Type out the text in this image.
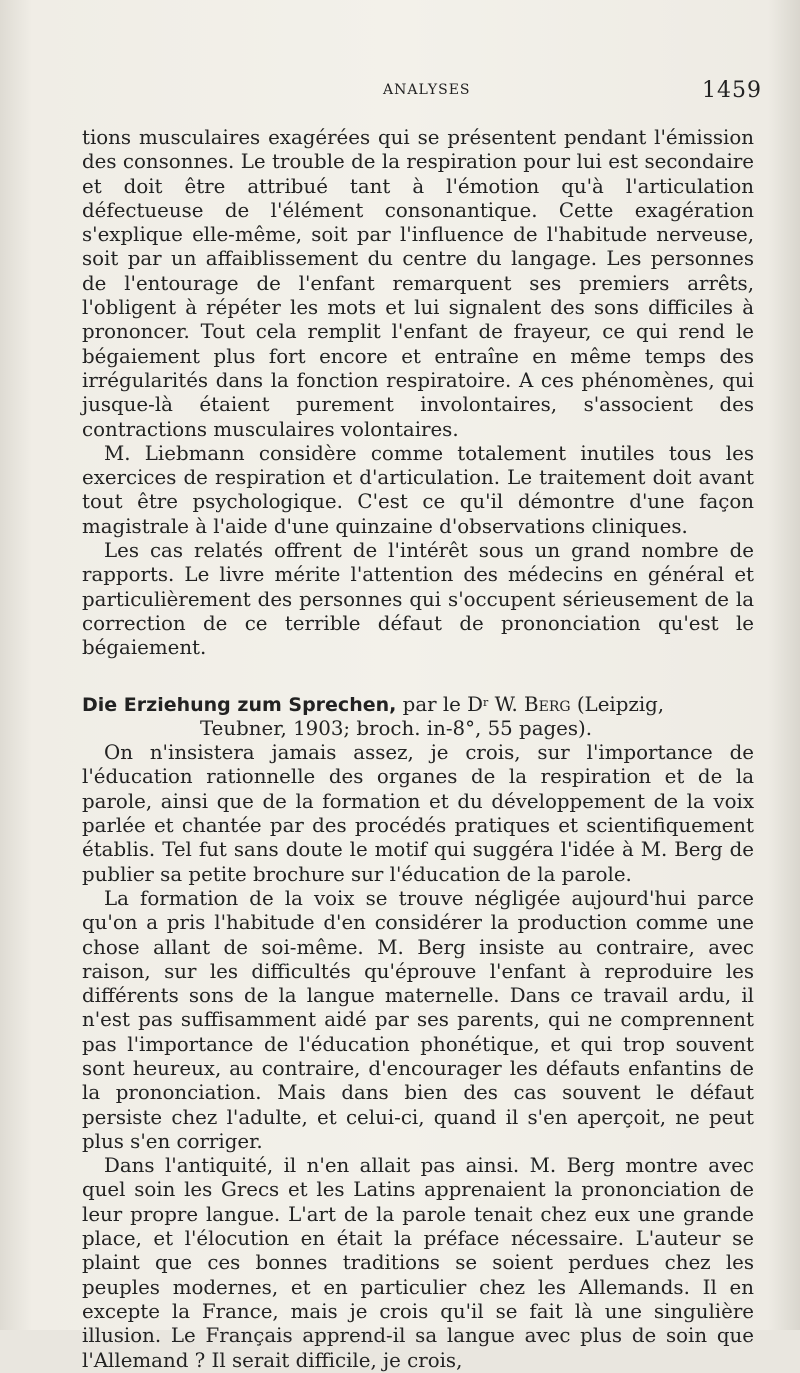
ANALYSES	1459

tions musculaires exagérées qui se présentent pendant l'émission des consonnes. Le trouble de la respiration pour lui est secondaire et doit être attribué tant à l'émotion qu'à l'articulation défectueuse de l'élément consonantique. Cette exagération s'explique elle-même, soit par l'influence de l'habitude nerveuse, soit par un affaiblissement du centre du langage. Les personnes de l'entourage de l'enfant remarquent ses premiers arrêts, l'obligent à répéter les mots et lui signalent des sons difficiles à prononcer. Tout cela remplit l'enfant de frayeur, ce qui rend le bégaiement plus fort encore et entraîne en même temps des irrégularités dans la fonction respiratoire. A ces phénomènes, qui jusque-là étaient purement involontaires, s'associent des contractions musculaires volontaires.

M. Liebmann considère comme totalement inutiles tous les exercices de respiration et d'articulation. Le traitement doit avant tout être psychologique. C'est ce qu'il démontre d'une façon magistrale à l'aide d'une quinzaine d'observations cliniques.

Les cas relatés offrent de l'intérêt sous un grand nombre de rapports. Le livre mérite l'attention des médecins en général et particulièrement des personnes qui s'occupent sérieusement de la correction de ce terrible défaut de prononciation qu'est le bégaiement.

Die Erziehung zum Sprechen, par le $D^r$ W. Berg (Leipzig,
Teubner, 1903; broch. in-8°, 55 pages).

On n'insistera jamais assez, je crois, sur l'importance de l'éducation rationnelle des organes de la respiration et de la parole, ainsi que de la formation et du développement de la voix parlée et chantée par des procédés pratiques et scientifiquement établis. Tel fut sans doute le motif qui suggéra l'idée à M. Berg de publier sa petite brochure sur l'éducation de la parole.

La formation de la voix se trouve négligée aujourd'hui parce qu'on a pris l'habitude d'en considérer la production comme une chose allant de soi-même. M. Berg insiste au contraire, avec raison, sur les difficultés qu'éprouve l'enfant à reproduire les différents sons de la langue maternelle. Dans ce travail ardu, il n'est pas suffisamment aidé par ses parents, qui ne comprennent pas l'importance de l'éducation phonétique, et qui trop souvent sont heureux, au contraire, d'encourager les défauts enfantins de la prononciation. Mais dans bien des cas souvent le défaut persiste chez l'adulte, et celui-ci, quand il s'en aperçoit, ne peut plus s'en corriger.

Dans l'antiquité, il n'en allait pas ainsi. M. Berg montre avec quel soin les Grecs et les Latins apprenaient la prononciation de leur propre langue. L'art de la parole tenait chez eux une grande place, et l'élocution en était la préface nécessaire. L'auteur se plaint que ces bonnes traditions se soient perdues chez les peuples modernes, et en particulier chez les Allemands. Il en excepte la France, mais je crois qu'il se fait là une singulière illusion. Le Français apprend-il sa langue avec plus de soin que l'Allemand ? Il serait difficile, je crois,
